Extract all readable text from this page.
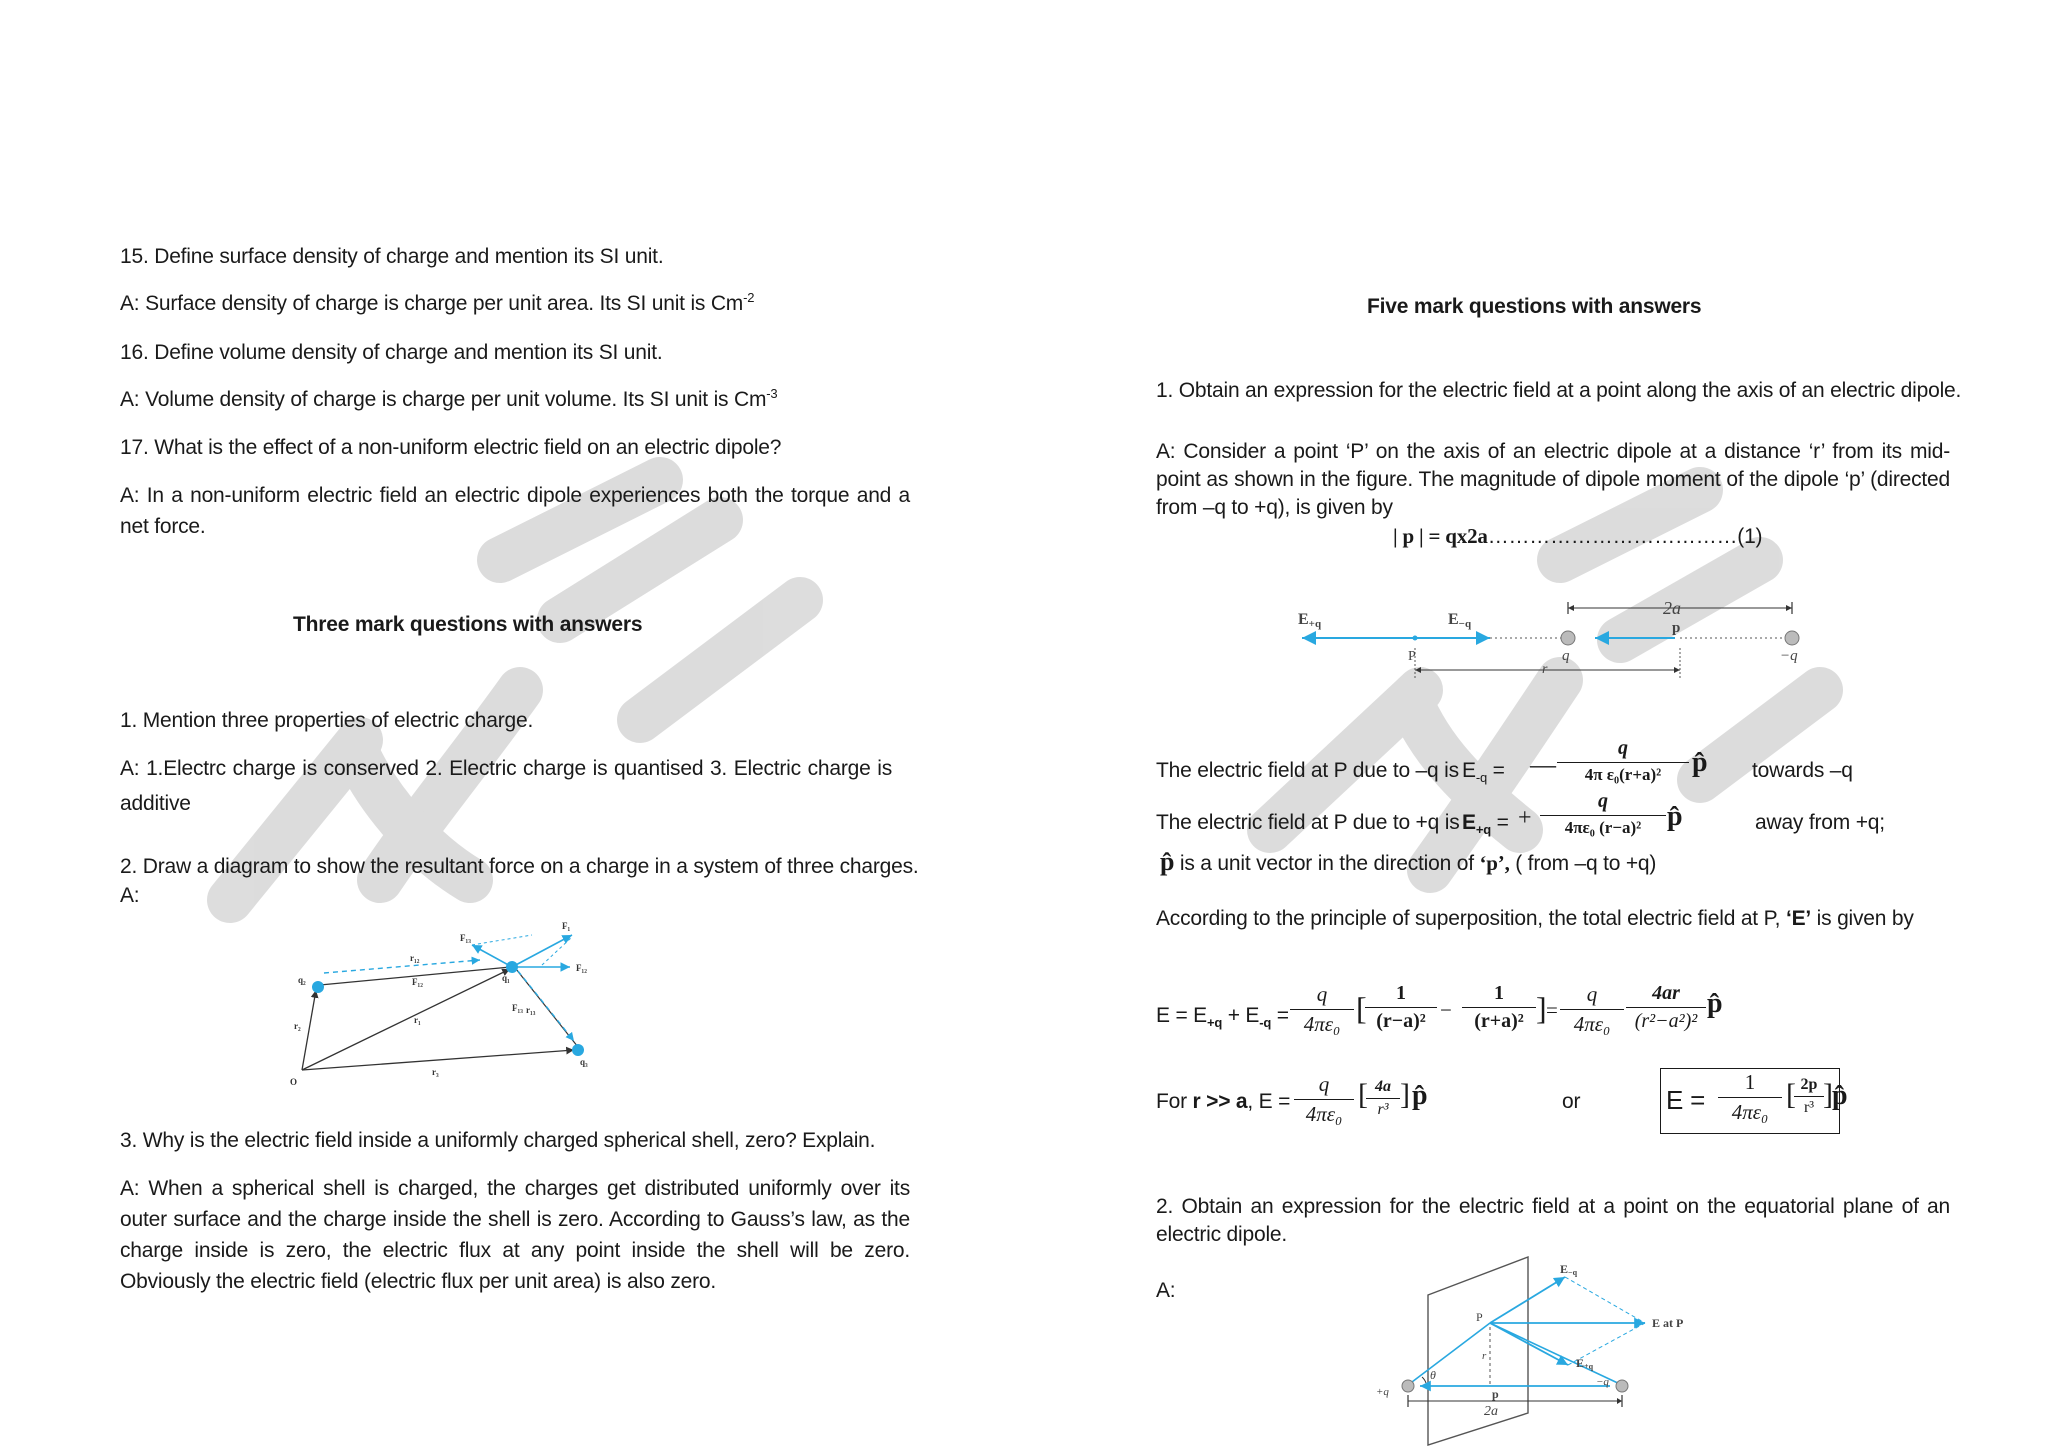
15. Define surface density of charge and mention its SI unit.
A: Surface density of charge is charge per unit area. Its SI unit is $Cm^{-2}$
16. Define volume density of charge and mention its SI unit.
A: Volume density of charge is charge per unit volume. Its SI unit is $Cm^{-3}$
17. What is the effect of a non-uniform electric field on an electric dipole?
A: In a non-uniform electric field an electric dipole experiences both the torque and a net force.
Three mark questions with answers
1. Mention three properties of electric charge.
A: 1.Electrc charge is conserved 2. Electric charge is quantised 3. Electric charge is
additive
2. Draw a diagram to show the resultant force on a charge in a system of three charges.
A:
O
q₂	q₁
q₃
r₂
r₁
r₃
F₁₂
r₁₂
r₁₃
F₁₃
F₁₂
F₁₃
F₁
3. Why is the electric field inside a uniformly charged spherical shell, zero? Explain.
A: When a spherical shell is charged, the charges get distributed uniformly over its outer surface and the charge inside the shell is zero. According to Gauss’s law, as the charge inside is zero, the electric flux at any point inside the shell will be zero. Obviously the electric field (electric flux per unit area) is also zero.
Five mark questions with answers
1. Obtain an expression for the electric field at a point along the axis of an electric dipole.
A: Consider a point ‘P’ on the axis of an electric dipole at a distance ‘r’ from its mid-point as shown in the figure. The magnitude of dipole moment of the dipole ‘p’ (directed from –q to +q), is given by
| p | = qx2a………………………………(1)
E+q	E−q
P
2a
p
q	−q
r
The electric field at P due to –q is $E_{-q}$ = — $\frac{q}{\text{4π ε₀(r+a)²}}$ p̂ towards –q
The electric field at P due to +q is $E_{+q}$ = + $\frac{q}{\text{4πε₀ (r−a)²}}$ p̂	away from +q;
p̂ is a unit vector in the direction of ‘p’, ( from –q to +q)
According to the principle of superposition, the total electric field at P, ‘E’ is given by
$E = E_{+q} + E_{-q} = \frac{q}{\text{4πε₀}}$ [
$\frac{1}{\text{(r−a)²}} - \frac{1}{\text{(r+a)²}}$ ] = $\frac{q}{\text{4πε₀}} \frac{4ar}{\text{(r²−a²)²}}$ p̂
For r >> a, $E = \frac{q}{\text{4πε₀}}$ [
$\frac{4a}{\text{r³}}$ ] p̂	or	$E = \frac{1}{\text{4πε₀}}$ [
$\frac{2p}{\text{r³}}$ ] p̂
2. Obtain an expression for the electric field at a point on the equatorial plane of an electric dipole.
A:
E−q
E at P
E+q
P
r
θ
+q
−q
p
2a
